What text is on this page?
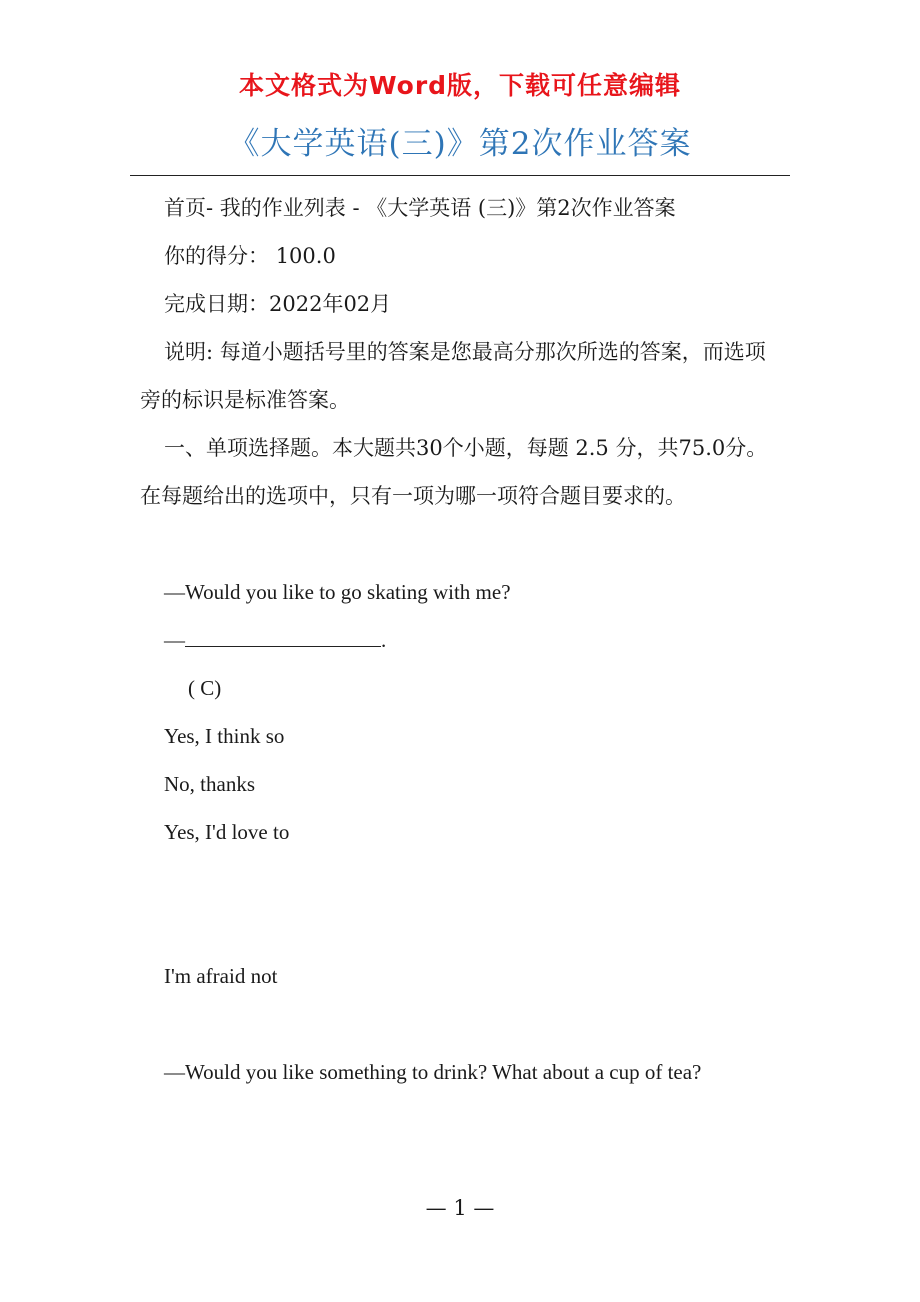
本文格式为Word版，下载可任意编辑
《大学英语(三)》第2次作业答案

首页- 我的作业列表 - 《大学英语 (三)》第2次作业答案

你的得分： 100.0

完成日期：2022年02月

说明: 每道小题括号里的答案是您最高分那次所选的答案，而选项旁的标识是标准答案。

一、单项选择题。本大题共30个小题，每题 2.5 分，共75.0分。在每题给出的选项中，只有一项为哪一项符合题目要求的。

—Would you like to go skating with me?

—	.

( C)

Yes, I think so

No, thanks

Yes, I'd love to

I'm afraid not

—Would you like something to drink? What about a cup of tea?

— 1 —
